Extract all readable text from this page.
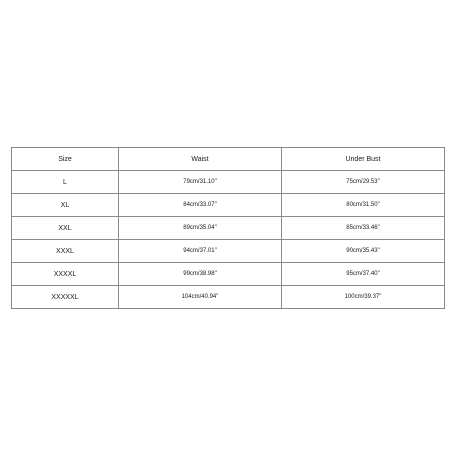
Size	Waist	Under Bust
L	79cm/31.10"	75cm/29.53"
XL	84cm/33.07"	80cm/31.50"
XXL	89cm/35.04"	85cm/33.46"
XXXL	94cm/37.01"	90cm/35.43"
XXXXL	99cm/38.98"	95cm/37.40"
XXXXXL	104cm/40.94"	100cm/39.37"
